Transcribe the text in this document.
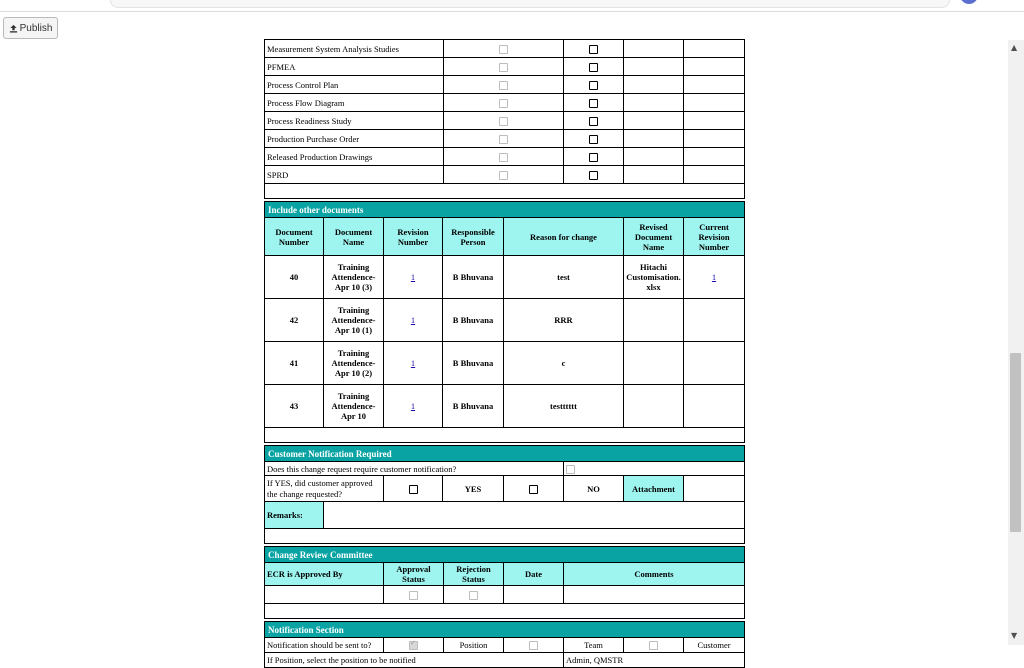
Publish
Measurement System Analysis Studies				
PFMEA				
Process Control Plan				
Process Flow Diagram				
Process Readiness Study				
Production Purchase Order				
Released Production Drawings				
SPRD				

Include other documents						
Document Number	Document Name	Revision Number	Responsible Person	Reason for change	Revised Document Name	Current Revision Number
40	Training Attendence- Apr 10 (3)	1	B Bhuvana	test	Hitachi Customisation. xlsx	1
42	Training Attendence- Apr 10 (1)	1	B Bhuvana	RRR		
41	Training Attendence- Apr 10 (2)	1	B Bhuvana	c		
43	Training Attendence- Apr 10	1	B Bhuvana	testttttt		

Customer Notification Required							
Does this change request require customer notification?							
If YES, did customer approved the change requested?			YES		NO	Attachment	
Remarks:							

Change Review Committee				
ECR is Approved By	Approval Status	Rejection Status	Date	Comments

Notification Section						
Notification should be sent to?	✓	Position		Team		Customer
If Position, select the position to be notified				Admin, QMSTR		
▲
▼
